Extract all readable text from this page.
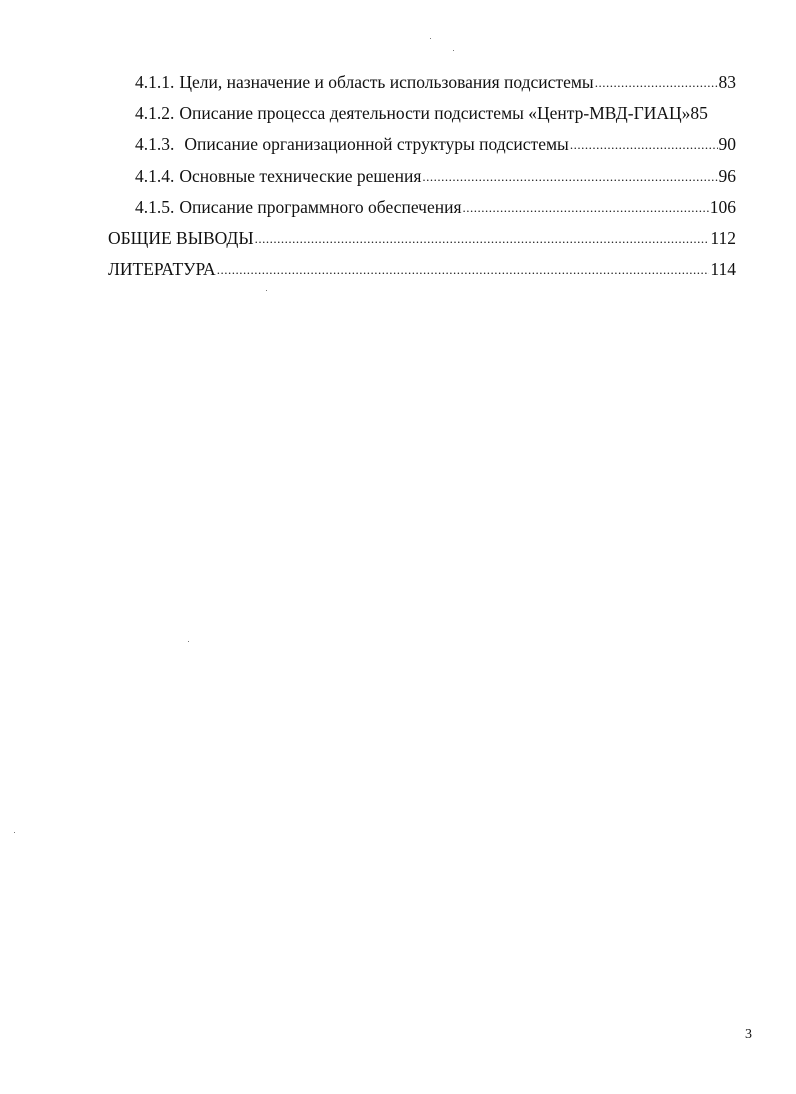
4.1.1. Цели, назначение и область использования подсистемы .....	83
4.1.2. Описание процесса деятельности подсистемы «Центр-МВД-ГИАЦ» 85
4.1.3. Описание организационной структуры подсистемы .....	90
4.1.4. Основные технические решения .....	96
4.1.5. Описание программного обеспечения .....	106
ОБЩИЕ ВЫВОДЫ .....	112
ЛИТЕРАТУРА .....	114
3
